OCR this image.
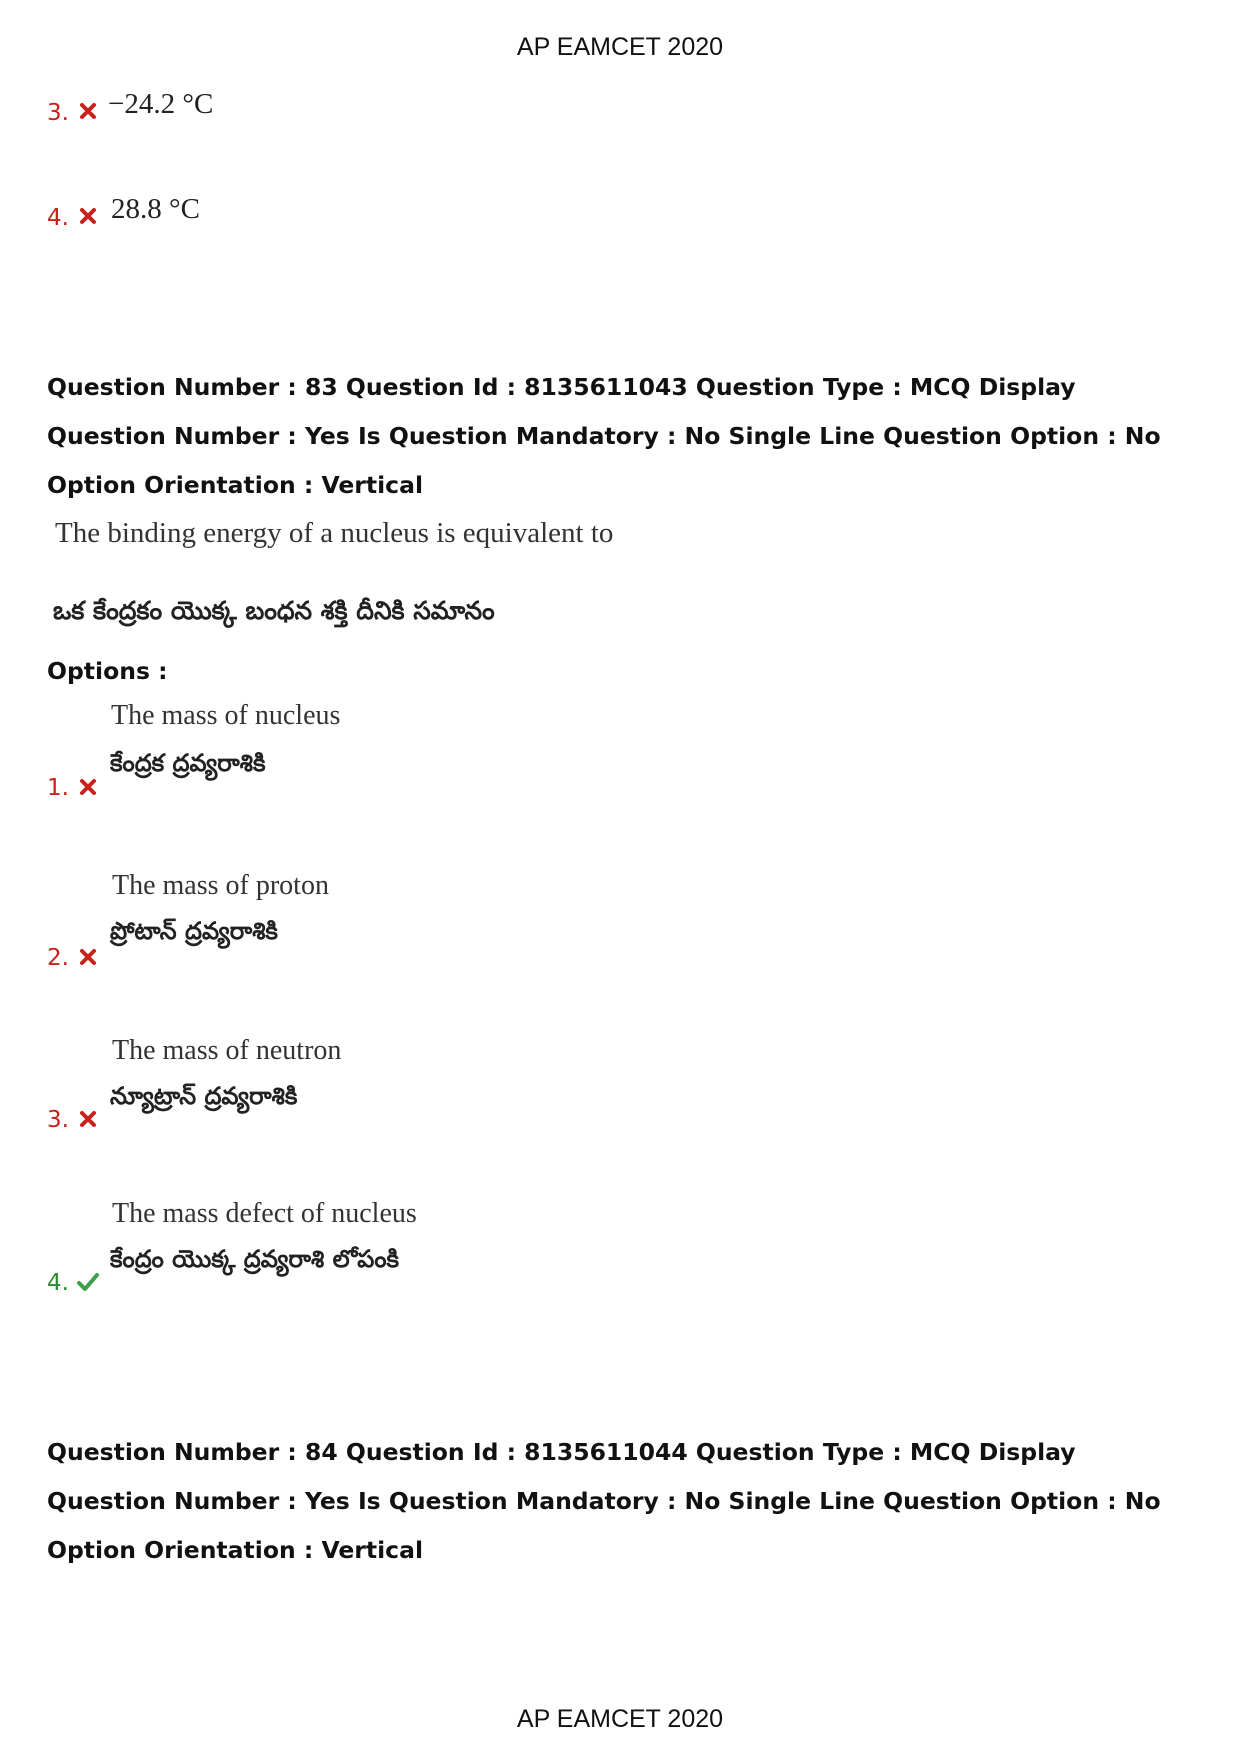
AP EAMCET 2020
3. −24.2 °C
4. 28.8 °C
Question Number : 83 Question Id : 8135611043 Question Type : MCQ Display Question Number : Yes Is Question Mandatory : No Single Line Question Option : No Option Orientation : Vertical
The binding energy of a nucleus is equivalent to
ఒక కేంద్రకం యొక్క బంధన శక్తి దీనికి సమానం
Options :
The mass of nucleus
కేంద్రక ద్రవ్యరాశికి
1.
The mass of proton
ప్రోటాన్ ద్రవ్యరాశికి
2.
The mass of neutron
న్యూట్రాన్ ద్రవ్యరాశికి
3.
The mass defect of nucleus
కేంద్రం యొక్క ద్రవ్యరాశి లోపంకి
4.
Question Number : 84 Question Id : 8135611044 Question Type : MCQ Display Question Number : Yes Is Question Mandatory : No Single Line Question Option : No Option Orientation : Vertical
AP EAMCET 2020
